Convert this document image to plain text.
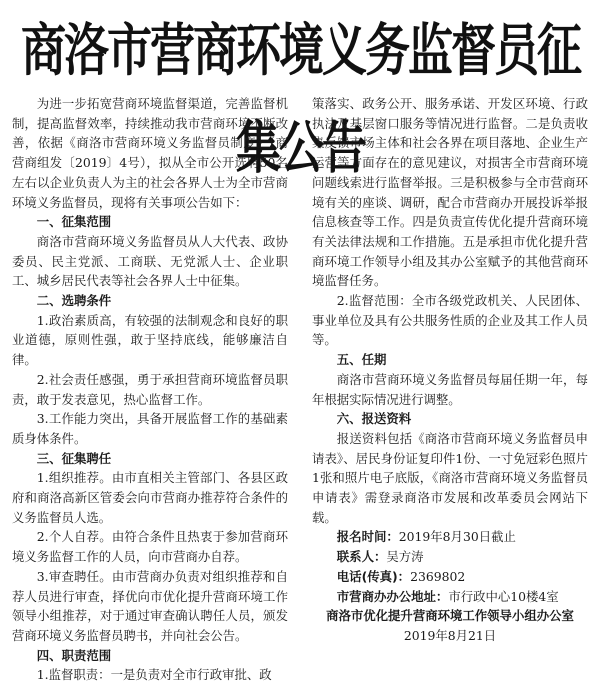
商洛市营商环境义务监督员征集公告

为进一步拓宽营商环境监督渠道，完善监督机制，提高监督效率，持续推动我市营商环境不断改善，依据《商洛市营商环境义务监督员制度》（商营商组发〔2019〕4号），拟从全市公开选聘50名左右以企业负责人为主的社会各界人士为全市营商环境义务监督员，现将有关事项公告如下：

一、征集范围

商洛市营商环境义务监督员从人大代表、政协委员、民主党派、工商联、无党派人士、企业职工、城乡居民代表等社会各界人士中征集。

二、选聘条件

1.政治素质高，有较强的法制观念和良好的职业道德，原则性强，敢于坚持底线，能够廉洁自律。

2.社会责任感强，勇于承担营商环境监督员职责，敢于发表意见，热心监督工作。

3.工作能力突出，具备开展监督工作的基础素质身体条件。

三、征集聘任

1.组织推荐。由市直相关主管部门、各县区政府和商洛高新区管委会向市营商办推荐符合条件的义务监督员人选。

2.个人自荐。由符合条件且热衷于参加营商环境义务监督工作的人员，向市营商办自荐。

3.审查聘任。由市营商办负责对组织推荐和自荐人员进行审查，择优向市优化提升营商环境工作领导小组推荐，对于通过审查确认聘任人员，颁发营商环境义务监督员聘书，并向社会公告。

四、职责范围

1.监督职责：一是负责对全市行政审批、政

策落实、政务公开、服务承诺、开发区环境、行政执法及基层窗口服务等情况进行监督。二是负责收集反馈市场主体和社会各界在项目落地、企业生产运营等方面存在的意见建议，对损害全市营商环境问题线索进行监督举报。三是积极参与全市营商环境有关的座谈、调研，配合市营商办开展投诉举报信息核查等工作。四是负责宣传优化提升营商环境有关法律法规和工作措施。五是承担市优化提升营商环境工作领导小组及其办公室赋予的其他营商环境监督任务。

2.监督范围：全市各级党政机关、人民团体、事业单位及具有公共服务性质的企业及其工作人员等。

五、任期

商洛市营商环境义务监督员每届任期一年，每年根据实际情况进行调整。

六、报送资料

报送资料包括《商洛市营商环境义务监督员申请表》、居民身份证复印件1份、一寸免冠彩色照片1张和照片电子底版，《商洛市营商环境义务监督员申请表》需登录商洛市发展和改革委员会网站下载。

报名时间：2019年8月30日截止

联系人：吴方涛

电话(传真)：2369802

市营商办办公地址：市行政中心10楼4室

商洛市优化提升营商环境工作领导小组办公室

2019年8月21日
